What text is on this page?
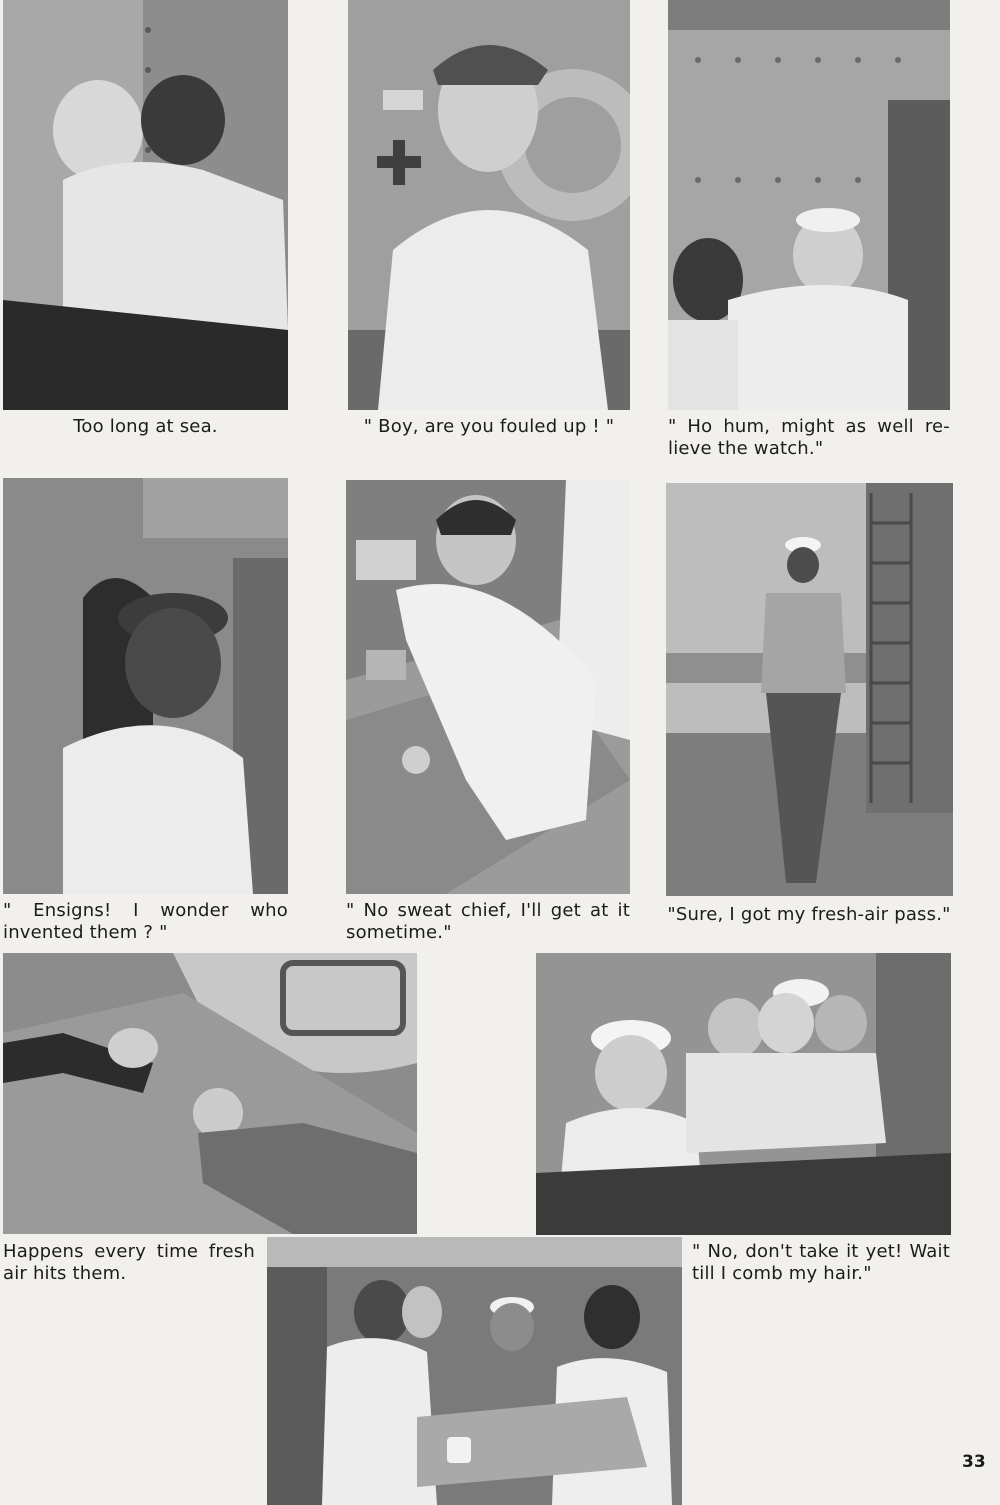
Too long at sea.	" Boy, are you fouled up ! "	" Ho hum, might as well re- lieve the watch."
" Ensigns! I wonder who invented them ? "
" No sweat chief, I'll get at it sometime."
"Sure, I got my fresh-air pass."
Happens every time fresh air hits them.
" No, don't take it yet! Wait till I comb my hair."
33
